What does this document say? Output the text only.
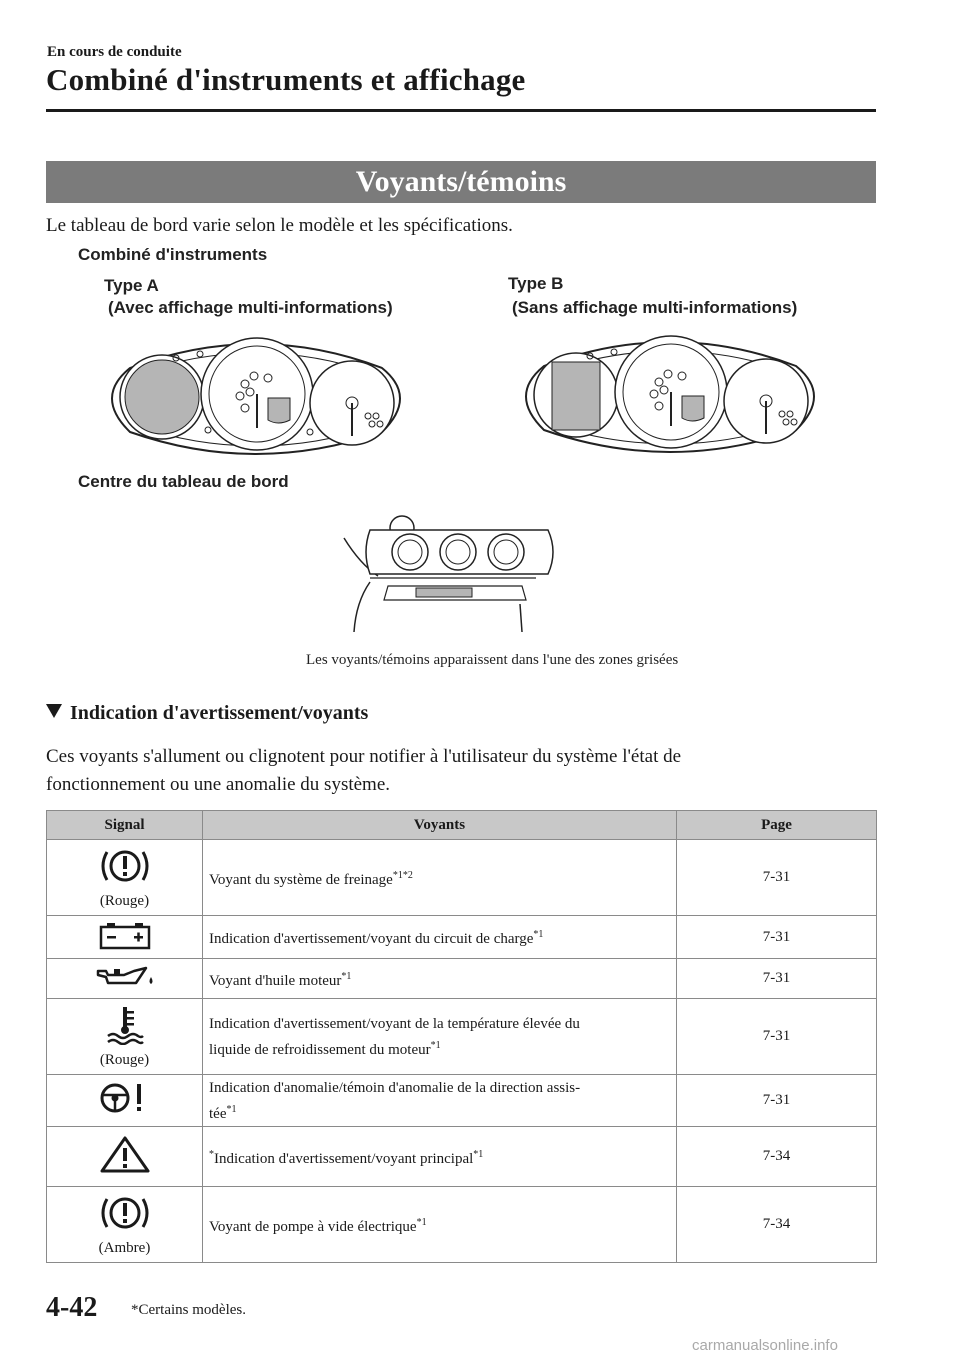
En cours de conduite
Combiné d'instruments et affichage
Voyants/témoins
Le tableau de bord varie selon le modèle et les spécifications.
Combiné d'instruments
Type A
(Avec affichage multi-informations)
Type B
(Sans affichage multi-informations)
Centre du tableau de bord
Les voyants/témoins apparaissent dans l'une des zones grisées
Indication d'avertissement/voyants
Ces voyants s'allument ou clignotent pour notifier à l'utilisateur du système l'état de
fonctionnement ou une anomalie du système.
Signal	Voyants	Page

(Rouge)	Voyant du système de freinage$^{*1*2}$	7-31
	Indication d'avertissement/voyant du circuit de charge$^{*1}$	7-31
	Voyant d'huile moteur$^{*1}$	7-31

(Rouge)	Indication d'avertissement/voyant de la température élevée du
liquide de refroidissement du moteur$^{*1}$	7-31
	Indication d'anomalie/témoin d'anomalie de la direction assis-
tée$^{*1}$	7-31
	*Indication d'avertissement/voyant principal$^{*1}$	7-34

(Ambre)	Voyant de pompe à vide électrique$^{*1}$	7-34
4-42 *Certains modèles.
carmanualsonline.info
